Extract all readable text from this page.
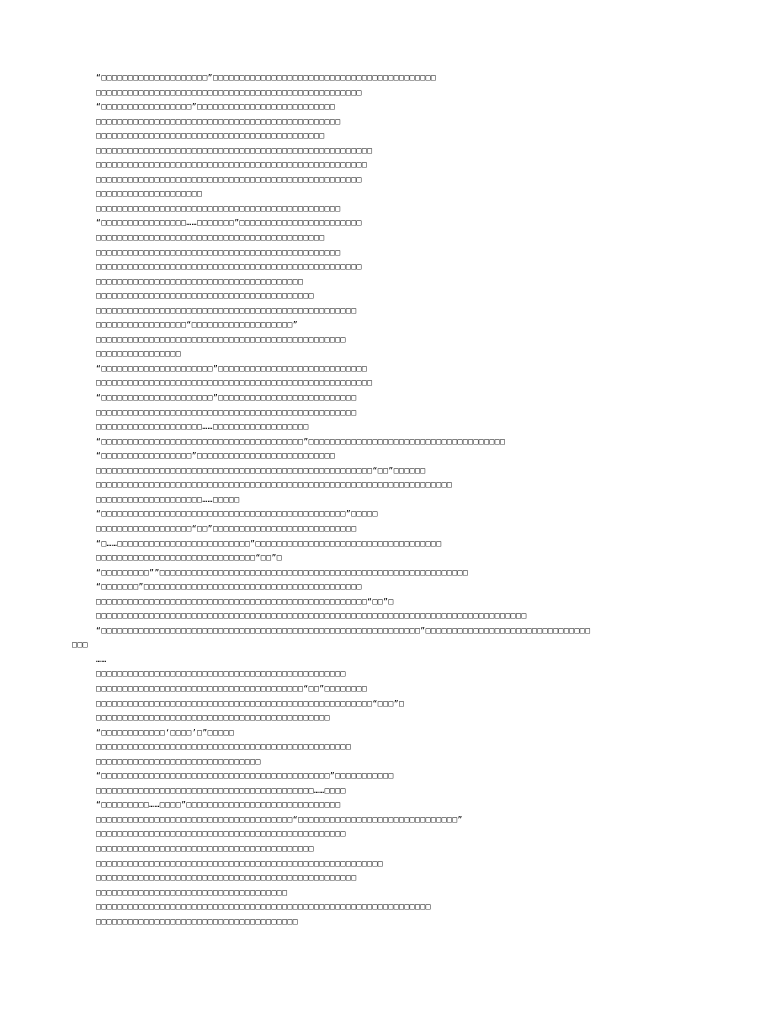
“□□□□□□□□□□□□□□□□□□□□”□□□□□□□□□□□□□□□□□□□□□□□□□□□□□□□□□□□□□□□□□□
□□□□□□□□□□□□□□□□□□□□□□□□□□□□□□□□□□□□□□□□□□□□□□□□□□
“□□□□□□□□□□□□□□□□□”□□□□□□□□□□□□□□□□□□□□□□□□□□
□□□□□□□□□□□□□□□□□□□□□□□□□□□□□□□□□□□□□□□□□□□□□□
□□□□□□□□□□□□□□□□□□□□□□□□□□□□□□□□□□□□□□□□□□□
□□□□□□□□□□□□□□□□□□□□□□□□□□□□□□□□□□□□□□□□□□□□□□□□□□□□
□□□□□□□□□□□□□□□□□□□□□□□□□□□□□□□□□□□□□□□□□□□□□□□□□□□
□□□□□□□□□□□□□□□□□□□□□□□□□□□□□□□□□□□□□□□□□□□□□□□□□□
□□□□□□□□□□□□□□□□□□□□
□□□□□□□□□□□□□□□□□□□□□□□□□□□□□□□□□□□□□□□□□□□□□□
“□□□□□□□□□□□□□□□□……□□□□□□□”□□□□□□□□□□□□□□□□□□□□□□□
□□□□□□□□□□□□□□□□□□□□□□□□□□□□□□□□□□□□□□□□□□□
□□□□□□□□□□□□□□□□□□□□□□□□□□□□□□□□□□□□□□□□□□□□□□
□□□□□□□□□□□□□□□□□□□□□□□□□□□□□□□□□□□□□□□□□□□□□□□□□□
□□□□□□□□□□□□□□□□□□□□□□□□□□□□□□□□□□□□□□□
□□□□□□□□□□□□□□□□□□□□□□□□□□□□□□□□□□□□□□□□□
□□□□□□□□□□□□□□□□□□□□□□□□□□□□□□□□□□□□□□□□□□□□□□□□□
□□□□□□□□□□□□□□□□□“□□□□□□□□□□□□□□□□□□□”
□□□□□□□□□□□□□□□□□□□□□□□□□□□□□□□□□□□□□□□□□□□□□□□
□□□□□□□□□□□□□□□□
“□□□□□□□□□□□□□□□□□□□□□”□□□□□□□□□□□□□□□□□□□□□□□□□□□□
□□□□□□□□□□□□□□□□□□□□□□□□□□□□□□□□□□□□□□□□□□□□□□□□□□□□
“□□□□□□□□□□□□□□□□□□□□□”□□□□□□□□□□□□□□□□□□□□□□□□□□
□□□□□□□□□□□□□□□□□□□□□□□□□□□□□□□□□□□□□□□□□□□□□□□□□
□□□□□□□□□□□□□□□□□□□□……□□□□□□□□□□□□□□□□□□
“□□□□□□□□□□□□□□□□□□□□□□□□□□□□□□□□□□□□□□”□□□□□□□□□□□□□□□□□□□□□□□□□□□□□□□□□□□□□
“□□□□□□□□□□□□□□□□□”□□□□□□□□□□□□□□□□□□□□□□□□□□
□□□□□□□□□□□□□□□□□□□□□□□□□□□□□□□□□□□□□□□□□□□□□□□□□□□□“□□”□□□□□□
□□□□□□□□□□□□□□□□□□□□□□□□□□□□□□□□□□□□□□□□□□□□□□□□□□□□□□□□□□□□□□□□□□□
□□□□□□□□□□□□□□□□□□□□……□□□□□
“□□□□□□□□□□□□□□□□□□□□□□□□□□□□□□□□□□□□□□□□□□□□□□”□□□□□
□□□□□□□□□□□□□□□□□□“□□”□□□□□□□□□□□□□□□□□□□□□□□□□□□
“□……□□□□□□□□□□□□□□□□□□□□□□□□□”□□□□□□□□□□□□□□□□□□□□□□□□□□□□□□□□□□□
□□□□□□□□□□□□□□□□□□□□□□□□□□□□□□“□□”□
“□□□□□□□□□””□□□□□□□□□□□□□□□□□□□□□□□□□□□□□□□□□□□□□□□□□□□□□□□□□□□□□□□□□□
“□□□□□□□”□□□□□□□□□□□□□□□□□□□□□□□□□□□□□□□□□□□□□□□□□
□□□□□□□□□□□□□□□□□□□□□□□□□□□□□□□□□□□□□□□□□□□□□□□□□□□“□□”□
□□□□□□□□□□□□□□□□□□□□□□□□□□□□□□□□□□□□□□□□□□□□□□□□□□□□□□□□□□□□□□□□□□□□□□□□□□□□□□□□□
“□□□□□□□□□□□□□□□□□□□□□□□□□□□□□□□□□□□□□□□□□□□□□□□□□□□□□□□□□□□□”□□□□□□□□□□□□□□□□□□□□□□□□□□□□□□□
□□□
……
□□□□□□□□□□□□□□□□□□□□□□□□□□□□□□□□□□□□□□□□□□□□□□□
□□□□□□□□□□□□□□□□□□□□□□□□□□□□□□□□□□□□□□□“□□”□□□□□□□□
□□□□□□□□□□□□□□□□□□□□□□□□□□□□□□□□□□□□□□□□□□□□□□□□□□□□“□□□”□
□□□□□□□□□□□□□□□□□□□□□□□□□□□□□□□□□□□□□□□□□□□□
“□□□□□□□□□□□□‘□□□□’□”□□□□□
□□□□□□□□□□□□□□□□□□□□□□□□□□□□□□□□□□□□□□□□□□□□□□□□
□□□□□□□□□□□□□□□□□□□□□□□□□□□□□□□
“□□□□□□□□□□□□□□□□□□□□□□□□□□□□□□□□□□□□□□□□□□□”□□□□□□□□□□□
□□□□□□□□□□□□□□□□□□□□□□□□□□□□□□□□□□□□□□□□□……□□□□
“□□□□□□□□□……□□□□”□□□□□□□□□□□□□□□□□□□□□□□□□□□□□
□□□□□□□□□□□□□□□□□□□□□□□□□□□□□□□□□□□□□“□□□□□□□□□□□□□□□□□□□□□□□□□□□□□□”
□□□□□□□□□□□□□□□□□□□□□□□□□□□□□□□□□□□□□□□□□□□□□□□
□□□□□□□□□□□□□□□□□□□□□□□□□□□□□□□□□□□□□□□□□
□□□□□□□□□□□□□□□□□□□□□□□□□□□□□□□□□□□□□□□□□□□□□□□□□□□□□□
□□□□□□□□□□□□□□□□□□□□□□□□□□□□□□□□□□□□□□□□□□□□□□□□□
□□□□□□□□□□□□□□□□□□□□□□□□□□□□□□□□□□□□
□□□□□□□□□□□□□□□□□□□□□□□□□□□□□□□□□□□□□□□□□□□□□□□□□□□□□□□□□□□□□□□
□□□□□□□□□□□□□□□□□□□□□□□□□□□□□□□□□□□□□□
